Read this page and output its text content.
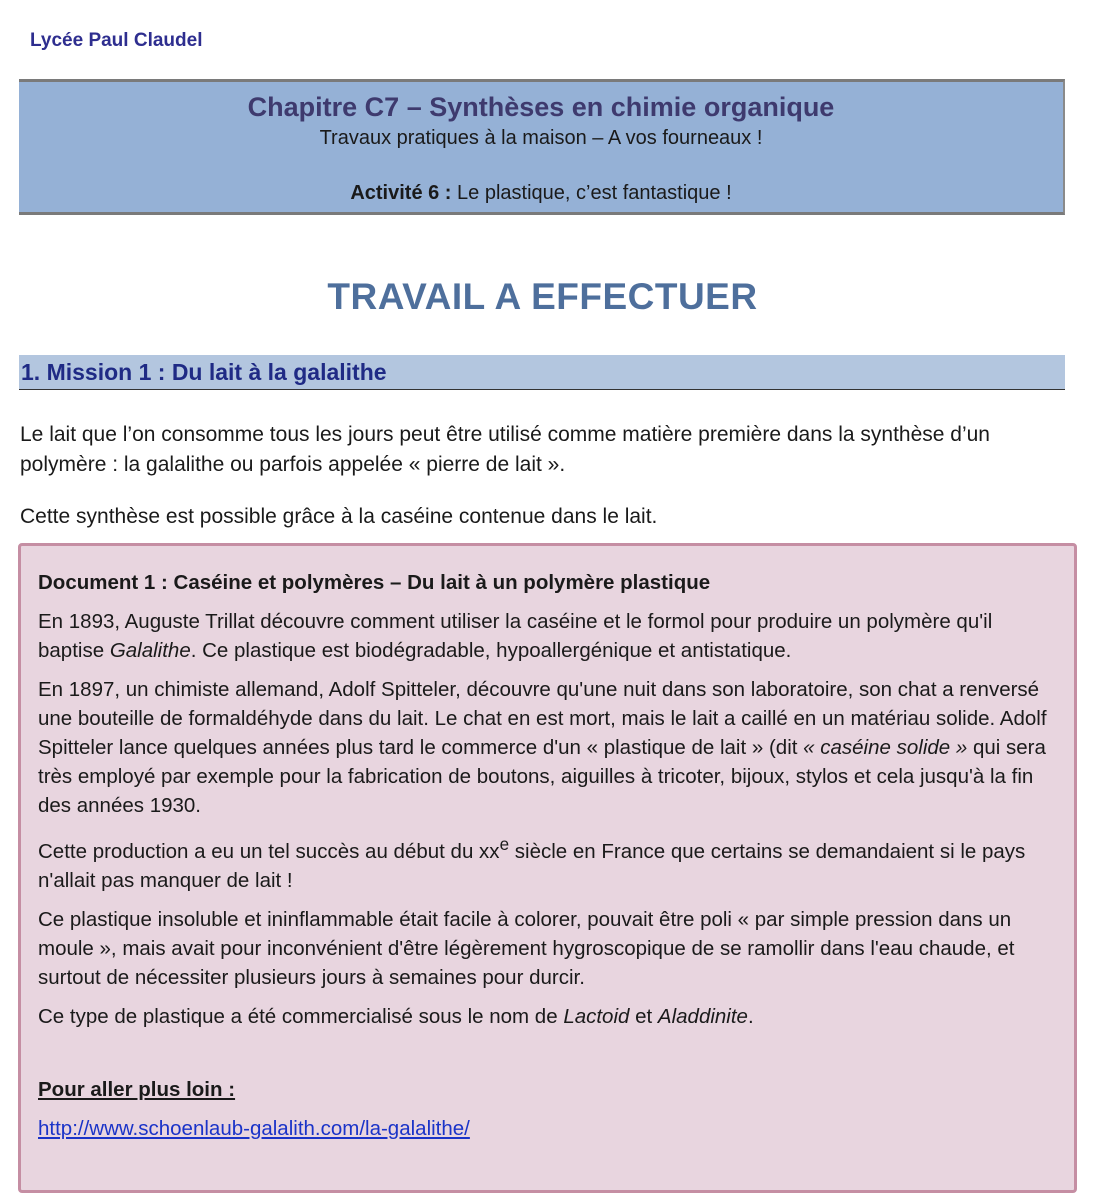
Lycée Paul Claudel
Chapitre C7 – Synthèses en chimie organique
Travaux pratiques à la maison – A vos fourneaux !
Activité 6 : Le plastique, c’est fantastique !
TRAVAIL A EFFECTUER
1. Mission 1 : Du lait à la galalithe
Le lait que l’on consomme tous les jours peut être utilisé comme matière première dans la synthèse d’un polymère : la galalithe ou parfois appelée « pierre de lait ».
Cette synthèse est possible grâce à la caséine contenue dans le lait.
Document 1 : Caséine et polymères – Du lait à un polymère plastique

En 1893, Auguste Trillat découvre comment utiliser la caséine et le formol pour produire un polymère qu'il baptise Galalithe. Ce plastique est biodégradable, hypoallergénique et antistatique.

En 1897, un chimiste allemand, Adolf Spitteler, découvre qu'une nuit dans son laboratoire, son chat a renversé une bouteille de formaldéhyde dans du lait. Le chat en est mort, mais le lait a caillé en un matériau solide. Adolf Spitteler lance quelques années plus tard le commerce d'un « plastique de lait » (dit « caséine solide » qui sera très employé par exemple pour la fabrication de boutons, aiguilles à tricoter, bijoux, stylos et cela jusqu'à la fin des années 1930.

Cette production a eu un tel succès au début du $xx^e$ siècle en France que certains se demandaient si le pays n'allait pas manquer de lait !

Ce plastique insoluble et ininflammable était facile à colorer, pouvait être poli « par simple pression dans un moule », mais avait pour inconvénient d'être légèrement hygroscopique de se ramollir dans l'eau chaude, et surtout de nécessiter plusieurs jours à semaines pour durcir.

Ce type de plastique a été commercialisé sous le nom de Lactoid et Aladdinite.

Pour aller plus loin :
http://www.schoenlaub-galalith.com/la-galalithe/
